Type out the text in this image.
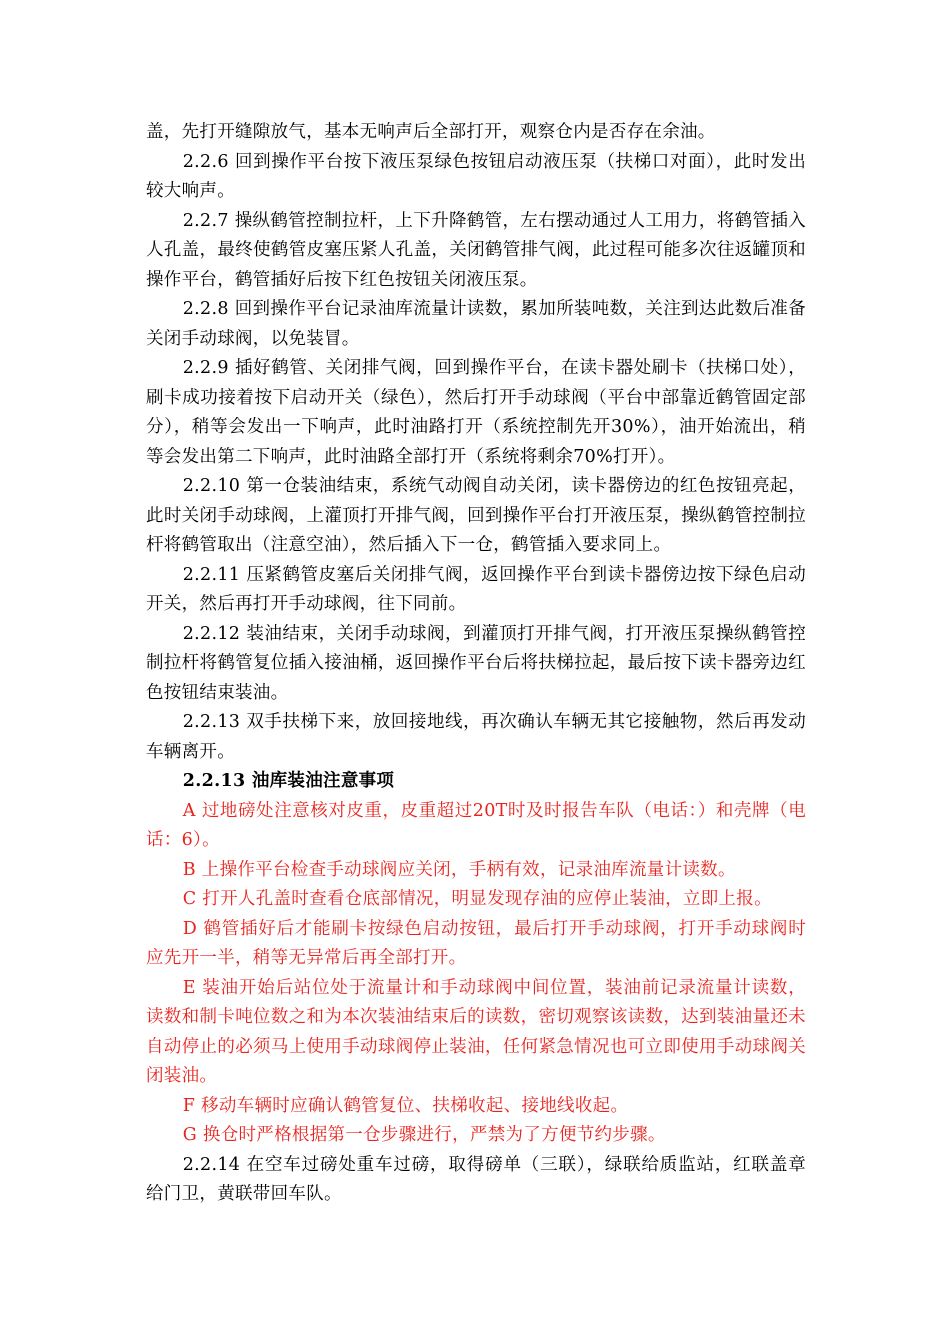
盖，先打开缝隙放气，基本无响声后全部打开，观察仓内是否存在余油。

2.2.6 回到操作平台按下液压泵绿色按钮启动液压泵（扶梯口对面），此时发出较大响声。

2.2.7 操纵鹤管控制拉杆，上下升降鹤管，左右摆动通过人工用力，将鹤管插入人孔盖，最终使鹤管皮塞压紧人孔盖，关闭鹤管排气阀，此过程可能多次往返罐顶和操作平台，鹤管插好后按下红色按钮关闭液压泵。

2.2.8 回到操作平台记录油库流量计读数，累加所装吨数，关注到达此数后准备关闭手动球阀，以免装冒。

2.2.9 插好鹤管、关闭排气阀，回到操作平台，在读卡器处刷卡（扶梯口处），刷卡成功接着按下启动开关（绿色），然后打开手动球阀（平台中部靠近鹤管固定部分），稍等会发出一下响声，此时油路打开（系统控制先开30%），油开始流出，稍等会发出第二下响声，此时油路全部打开（系统将剩余70%打开）。

2.2.10 第一仓装油结束，系统气动阀自动关闭，读卡器傍边的红色按钮亮起，此时关闭手动球阀，上灌顶打开排气阀，回到操作平台打开液压泵，操纵鹤管控制拉杆将鹤管取出（注意空油），然后插入下一仓，鹤管插入要求同上。

2.2.11 压紧鹤管皮塞后关闭排气阀，返回操作平台到读卡器傍边按下绿色启动开关，然后再打开手动球阀，往下同前。

2.2.12 装油结束，关闭手动球阀，到灌顶打开排气阀，打开液压泵操纵鹤管控制拉杆将鹤管复位插入接油桶，返回操作平台后将扶梯拉起，最后按下读卡器旁边红色按钮结束装油。

2.2.13 双手扶梯下来，放回接地线，再次确认车辆无其它接触物，然后再发动车辆离开。

2.2.13 油库装油注意事项

A 过地磅处注意核对皮重，皮重超过20T时及时报告车队（电话：）和壳牌（电话：6）。

B 上操作平台检查手动球阀应关闭，手柄有效，记录油库流量计读数。

C 打开人孔盖时查看仓底部情况，明显发现存油的应停止装油，立即上报。

D 鹤管插好后才能刷卡按绿色启动按钮，最后打开手动球阀，打开手动球阀时应先开一半，稍等无异常后再全部打开。

E 装油开始后站位处于流量计和手动球阀中间位置，装油前记录流量计读数，读数和制卡吨位数之和为本次装油结束后的读数，密切观察该读数，达到装油量还未自动停止的必须马上使用手动球阀停止装油，任何紧急情况也可立即使用手动球阀关闭装油。

F 移动车辆时应确认鹤管复位、扶梯收起、接地线收起。

G 换仓时严格根据第一仓步骤进行，严禁为了方便节约步骤。

2.2.14 在空车过磅处重车过磅，取得磅单（三联），绿联给质监站，红联盖章给门卫，黄联带回车队。
